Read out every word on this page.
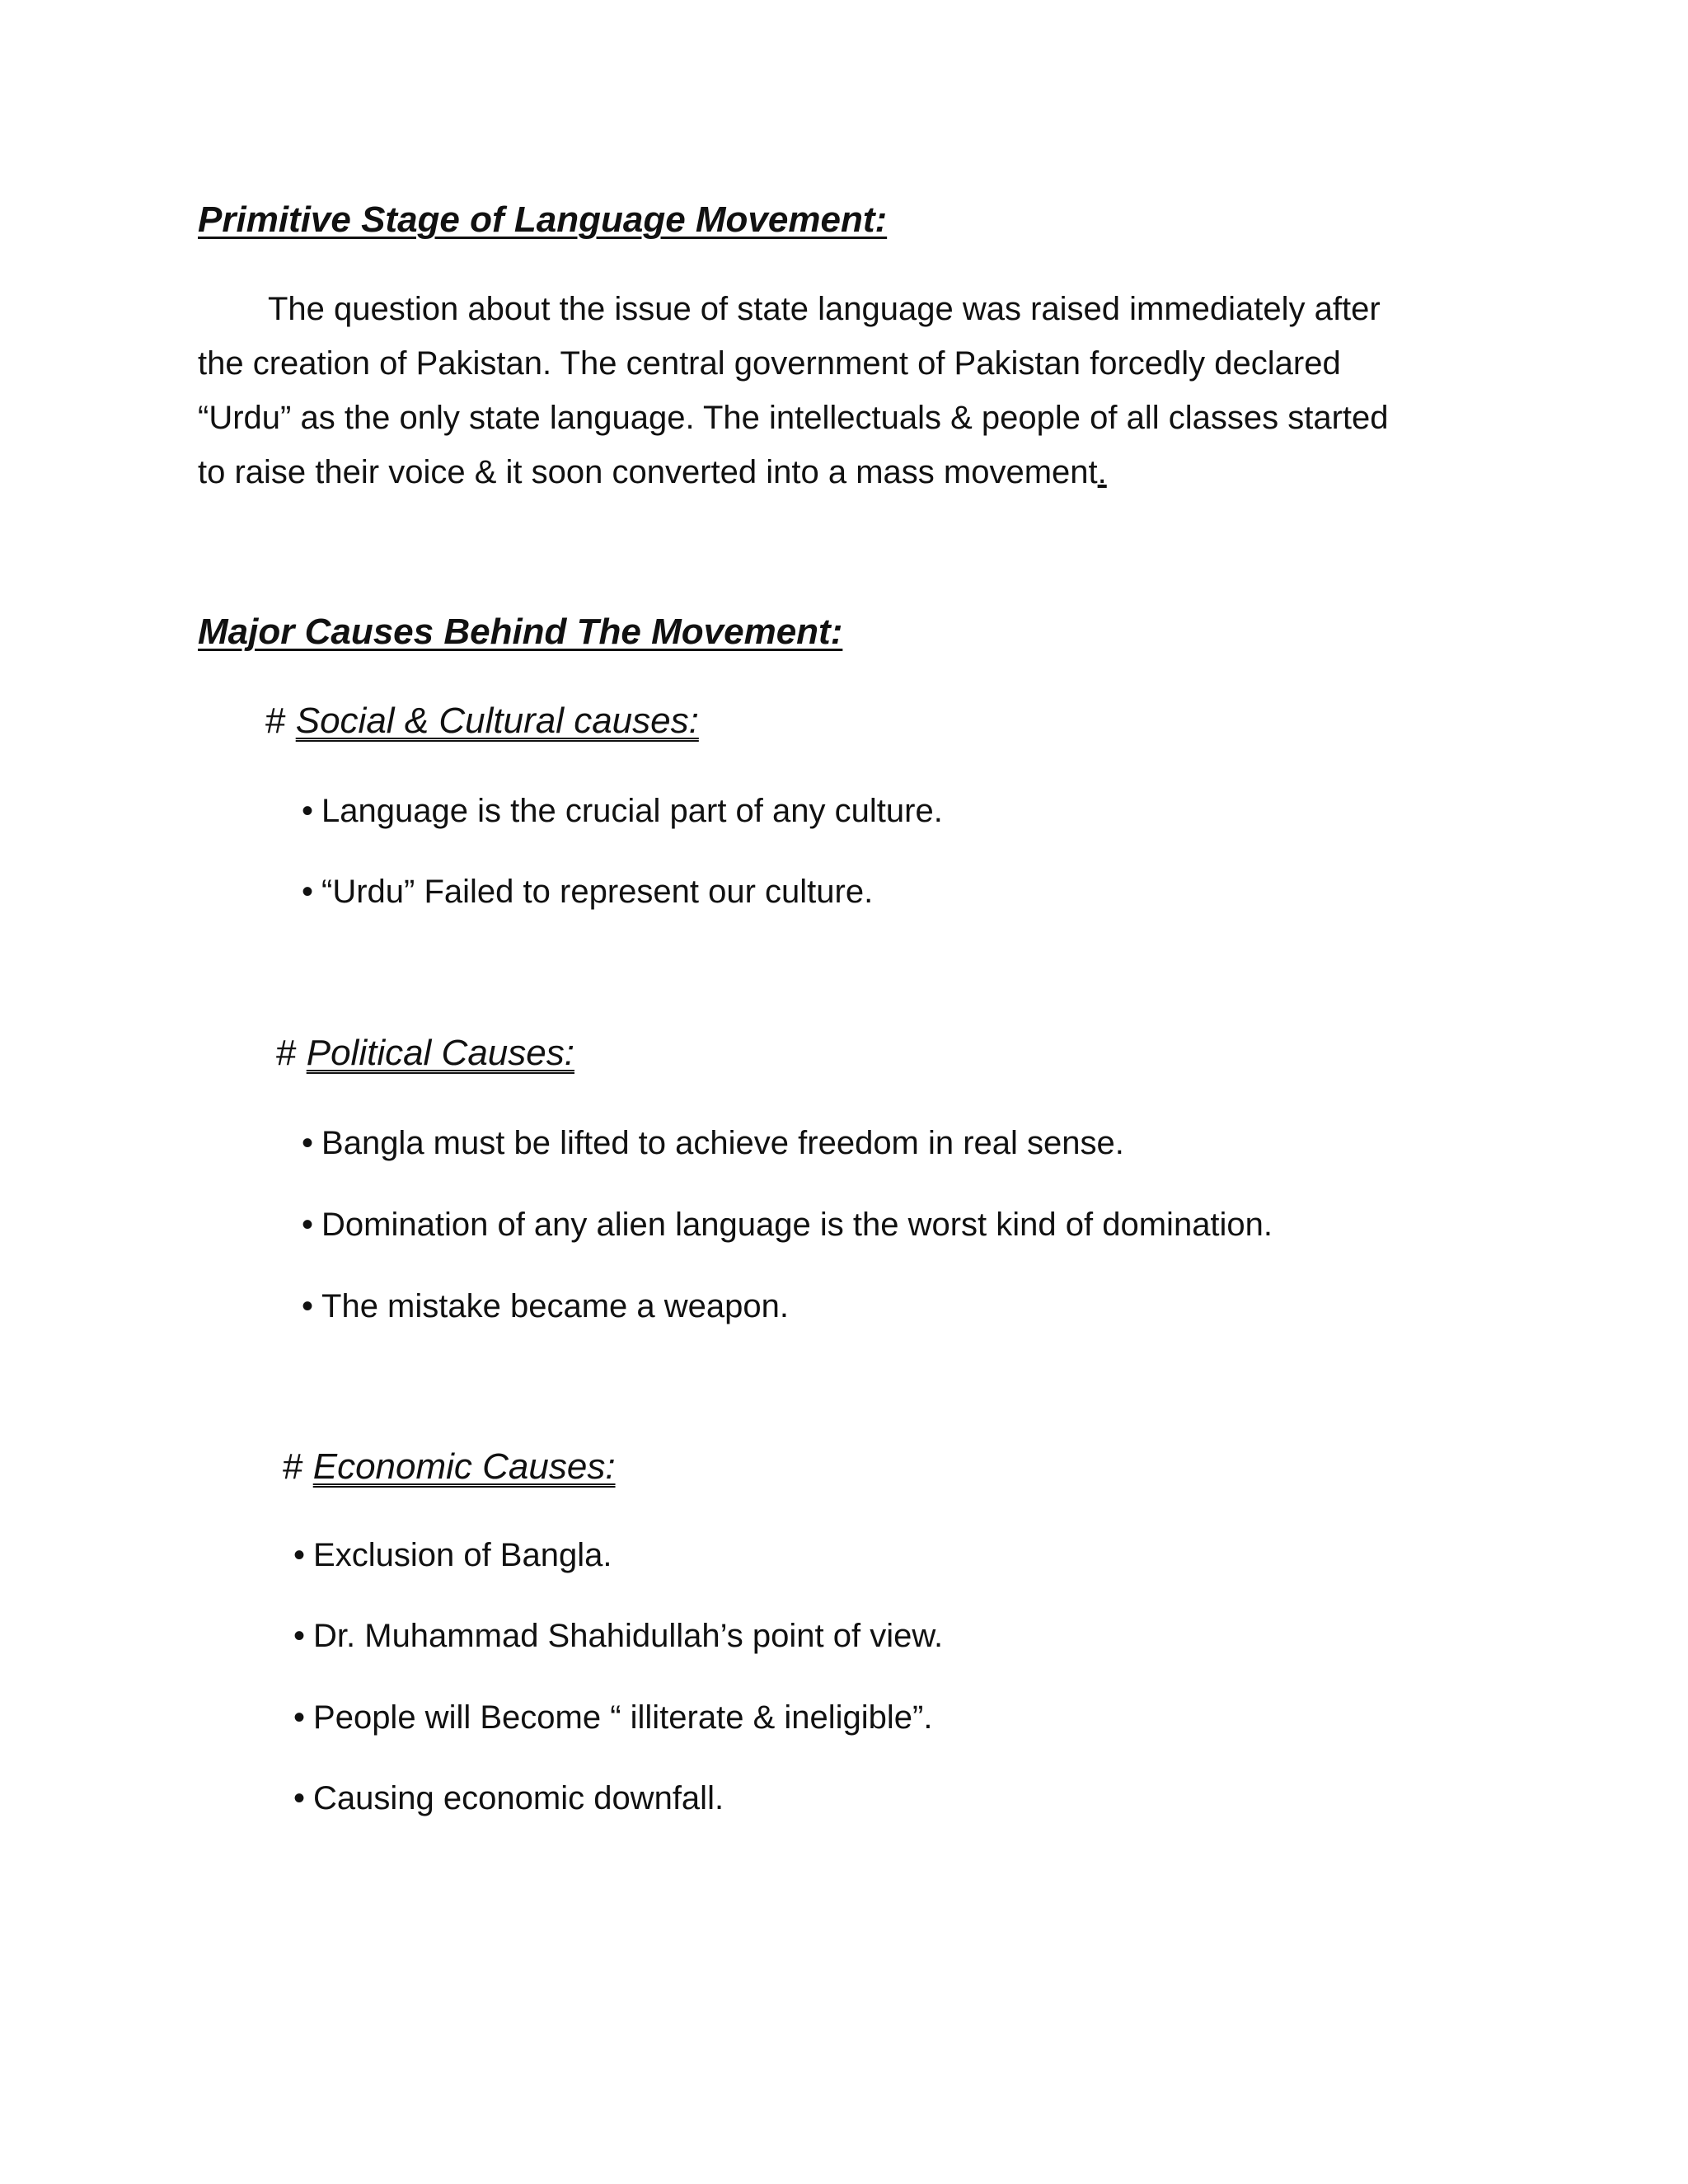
Primitive Stage of Language Movement:
The question about the issue of state language was raised immediately after
the creation of Pakistan. The central government of Pakistan forcedly declared
“Urdu” as the only state language. The intellectuals & people of all classes started
to raise their voice & it soon converted into a mass movement.
Major Causes Behind The Movement:
# Social & Cultural causes:
• Language is the crucial part of any culture.
• “Urdu” Failed to represent our culture.
# Political Causes:
• Bangla must be lifted to achieve freedom in real sense.
• Domination of any alien language is the worst kind of domination.
• The mistake became a weapon.
# Economic Causes:
• Exclusion of Bangla.
• Dr. Muhammad Shahidullah’s point of view.
• People will Become “ illiterate & ineligible”.
• Causing economic downfall.
